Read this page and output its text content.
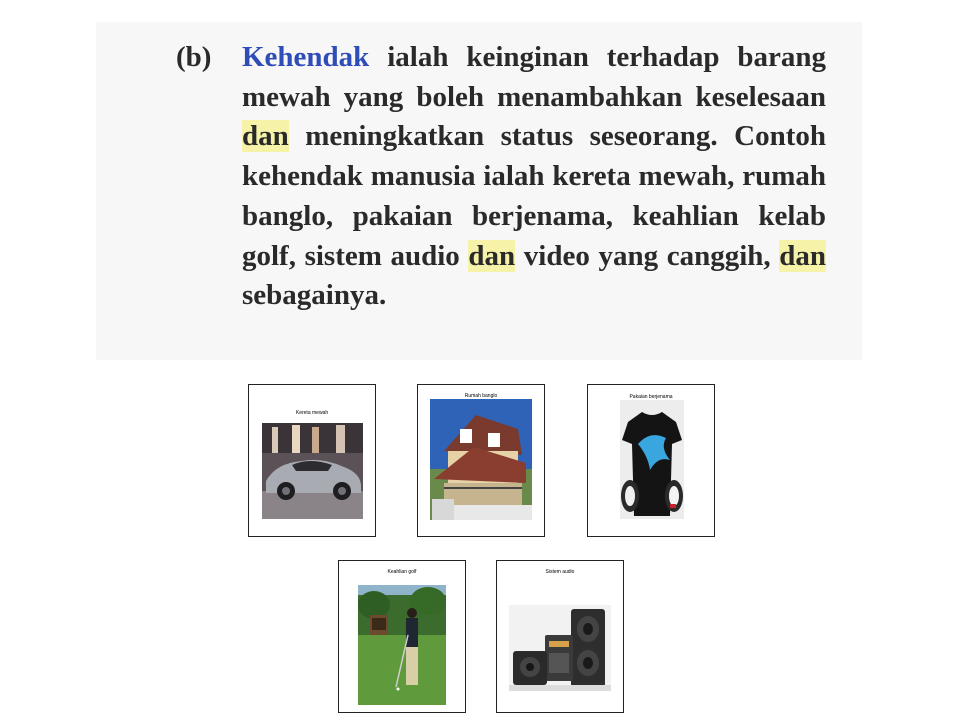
(b)	Kehendak ialah keinginan terhadap barang mewah yang boleh menambahkan keselesaan dan meningkatkan status seseorang. Contoh kehendak manusia ialah kereta mewah, rumah banglo, pakaian berjenama, keahlian kelab golf, sistem audio dan video yang canggih, dan sebagainya.

Kereta mewah
Rumah banglo	Pakaian berjenama
Keahlian golf	Sistem audio
